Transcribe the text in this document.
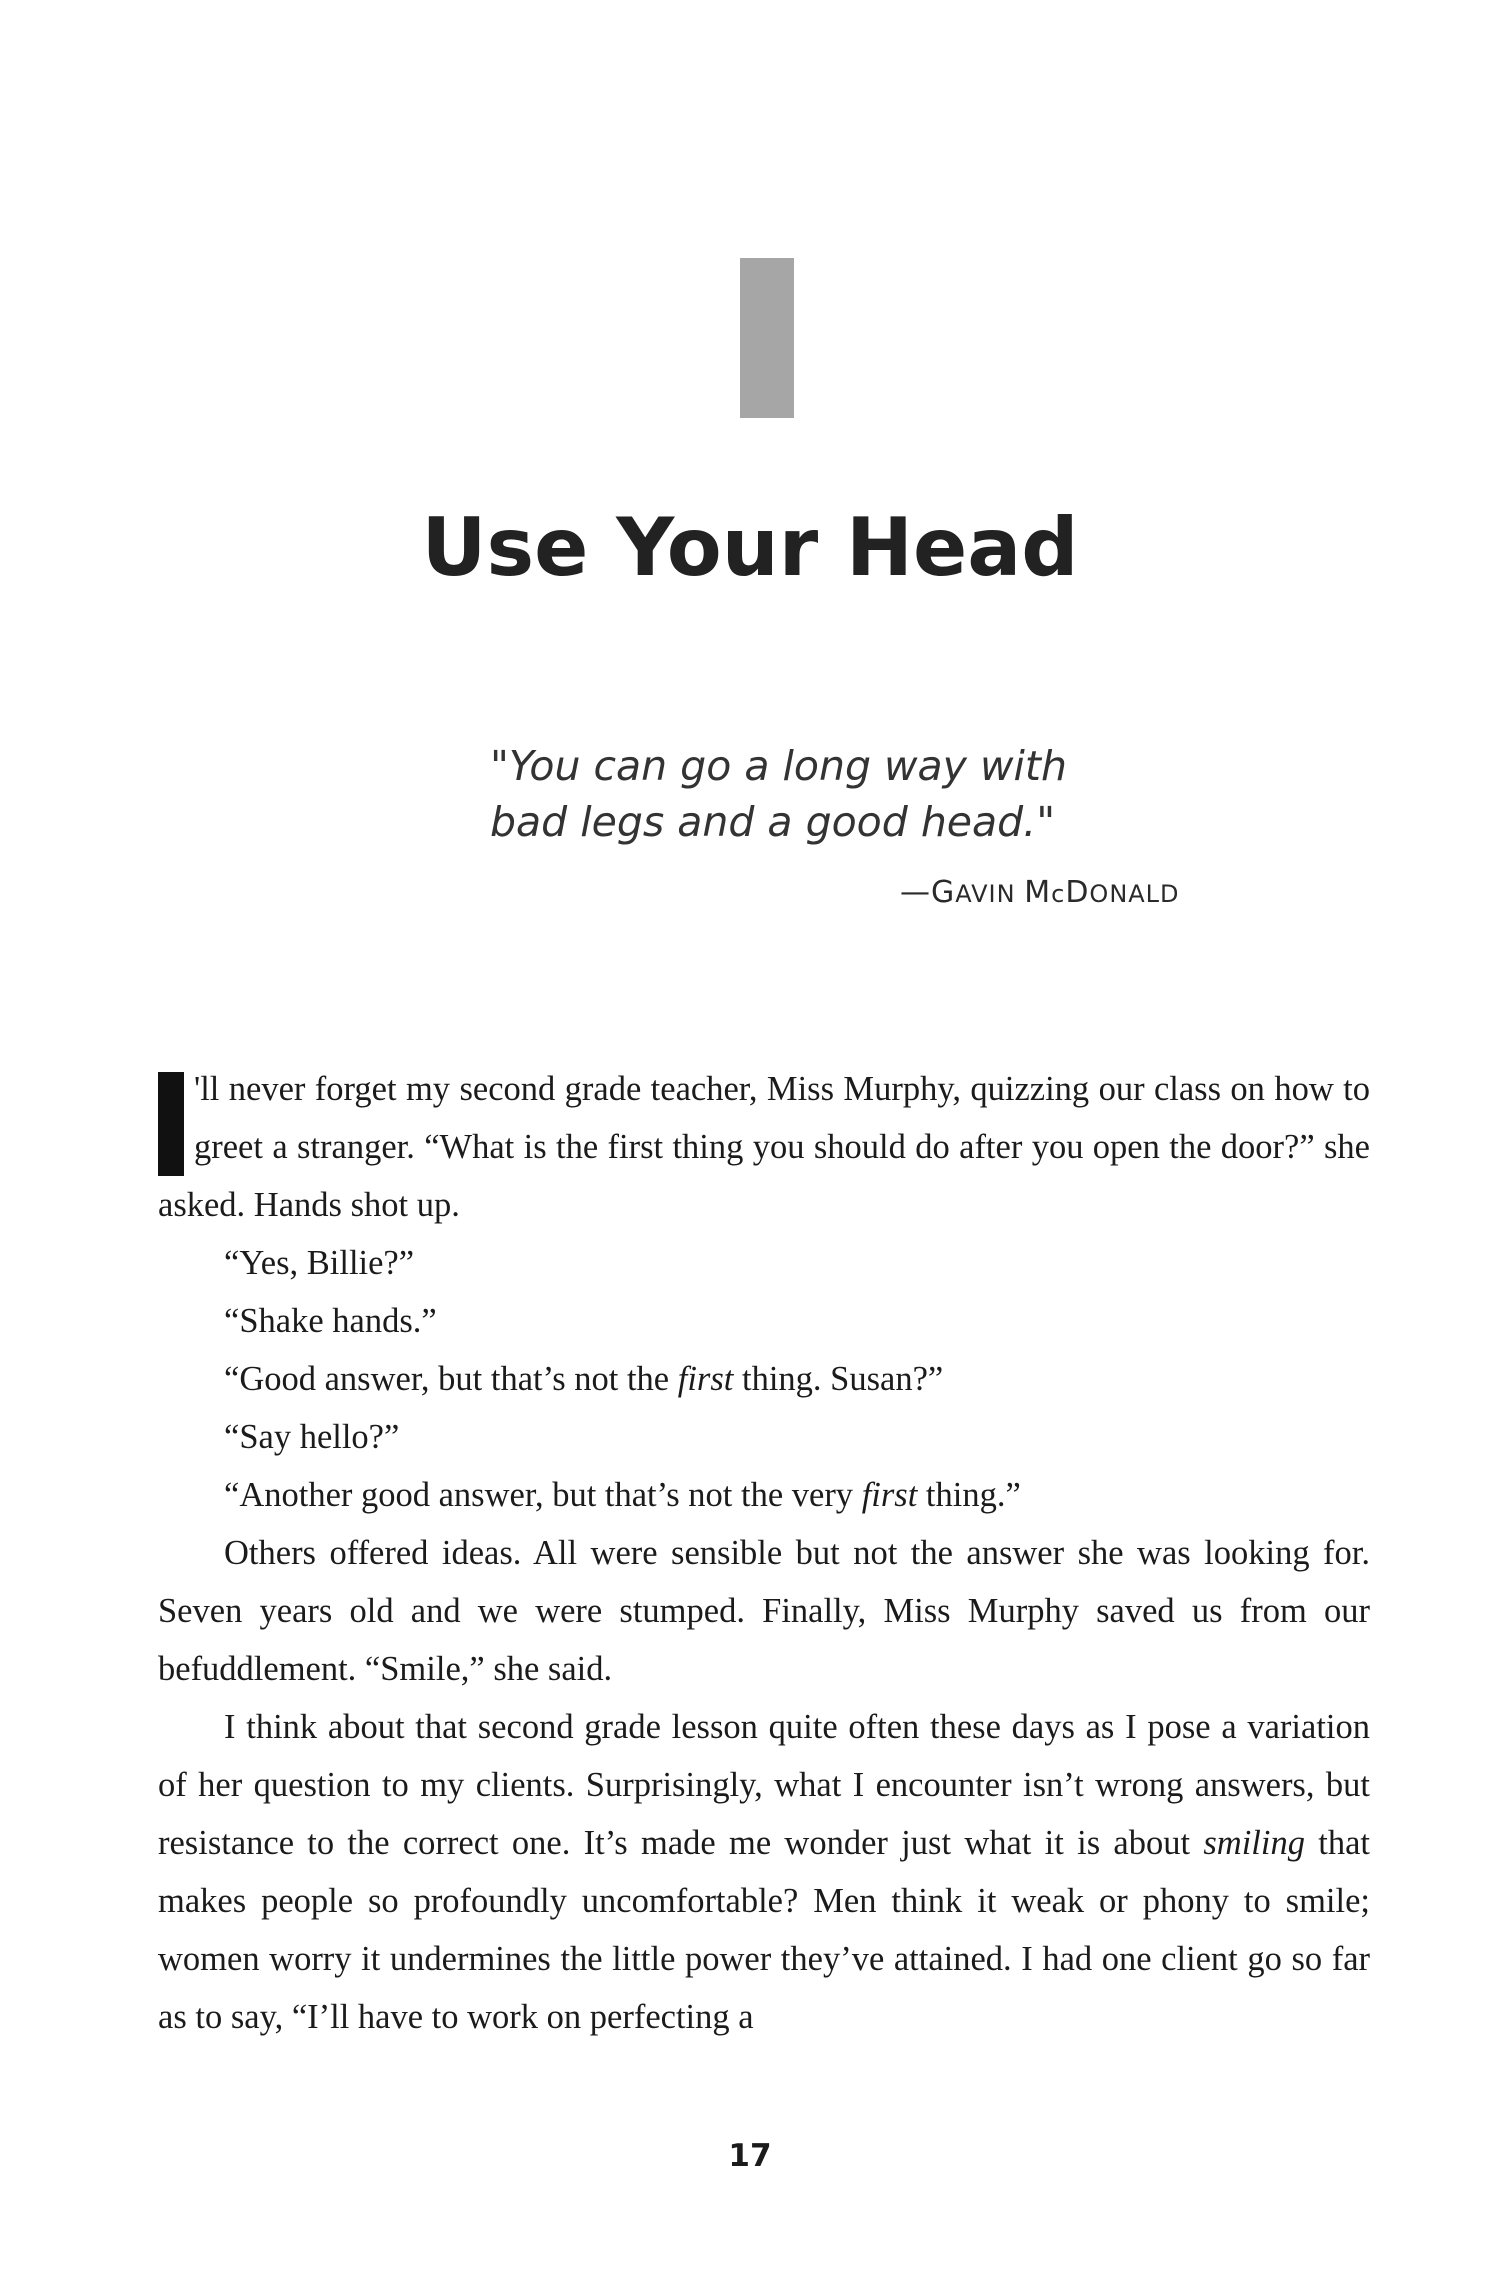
Use Your Head
"You can go a long way with
bad legs and a good head."
—GAVIN McDONALD

'll never forget my second grade teacher, Miss Murphy, quizzing our class on how to greet a stranger. “What is the first thing you should do after you open the door?” she asked. Hands shot up.

“Yes, Billie?”

“Shake hands.”

“Good answer, but that’s not the first thing. Susan?”

“Say hello?”

“Another good answer, but that’s not the very first thing.”

Others offered ideas. All were sensible but not the answer she was looking for. Seven years old and we were stumped. Finally, Miss Murphy saved us from our befuddlement. “Smile,” she said.

I think about that second grade lesson quite often these days as I pose a variation of her question to my clients. Surprisingly, what I encounter isn’t wrong answers, but resistance to the correct one. It’s made me wonder just what it is about smiling that makes people so profoundly uncomfortable? Men think it weak or phony to smile; women worry it undermines the little power they’ve attained. I had one client go so far as to say, “I’ll have to work on perfecting a

17
